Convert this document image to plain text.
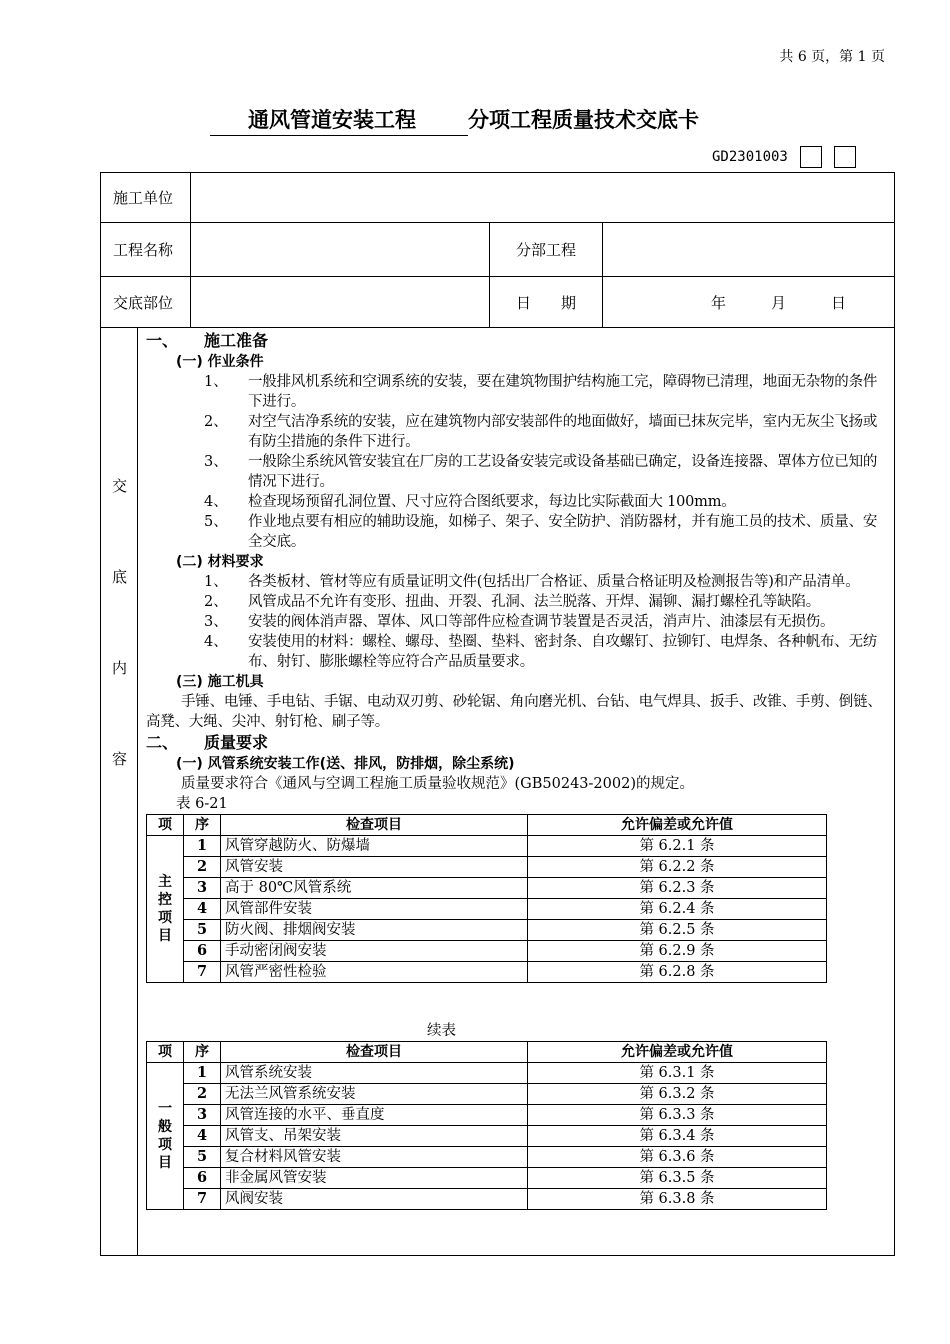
共 6 页，第 1 页
通风管道安装工程 分项工程质量技术交底卡
GD2301003
施工单位
工程名称	分部工程
交底部位	日　　期	年　　　月　　　日
交
底
内
容
一、 施工准备
(一) 作业条件
1、	一般排风机系统和空调系统的安装，要在建筑物围护结构施工完，障碍物已清理，地面无杂物的条件下进行。
2、	对空气洁净系统的安装，应在建筑物内部安装部件的地面做好，墙面已抹灰完毕，室内无灰尘飞扬或有防尘措施的条件下进行。
3、	一般除尘系统风管安装宜在厂房的工艺设备安装完或设备基础已确定，设备连接器、罩体方位已知的情况下进行。
4、	检查现场预留孔洞位置、尺寸应符合图纸要求，每边比实际截面大 100mm。
5、	作业地点要有相应的辅助设施，如梯子、架子、安全防护、消防器材，并有施工员的技术、质量、安全交底。
(二) 材料要求
1、	各类板材、管材等应有质量证明文件(包括出厂合格证、质量合格证明及检测报告等)和产品清单。
2、	风管成品不允许有变形、扭曲、开裂、孔洞、法兰脱落、开焊、漏铆、漏打螺栓孔等缺陷。
3、	安装的阀体消声器、罩体、风口等部件应检查调节装置是否灵活，消声片、油漆层有无损伤。
4、	安装使用的材料：螺栓、螺母、垫圈、垫料、密封条、自攻螺钉、拉铆钉、电焊条、各种帆布、无纺布、射钉、膨胀螺栓等应符合产品质量要求。
(三) 施工机具
手锤、电锤、手电钻、手锯、电动双刃剪、砂轮锯、角向磨光机、台钻、电气焊具、扳手、改锥、手剪、倒链、高凳、大绳、尖冲、射钉枪、刷子等。
二、 质量要求
(一) 风管系统安装工作(送、排风，防排烟，除尘系统)
质量要求符合《通风与空调工程施工质量验收规范》(GB50243-2002)的规定。
表 6-21
项	序	检查项目	允许偏差或允许值
主控项目	1	风管穿越防火、防爆墙	第 6.2.1 条
	2	风管安装	第 6.2.2 条
	3	高于 80℃风管系统	第 6.2.3 条
	4	风管部件安装	第 6.2.4 条
	5	防火阀、排烟阀安装	第 6.2.5 条
	6	手动密闭阀安装	第 6.2.9 条
	7	风管严密性检验	第 6.2.8 条
续表
项	序	检查项目	允许偏差或允许值
一般项目	1	风管系统安装	第 6.3.1 条
	2	无法兰风管系统安装	第 6.3.2 条
	3	风管连接的水平、垂直度	第 6.3.3 条
	4	风管支、吊架安装	第 6.3.4 条
	5	复合材料风管安装	第 6.3.6 条
	6	非金属风管安装	第 6.3.5 条
	7	风阀安装	第 6.3.8 条
